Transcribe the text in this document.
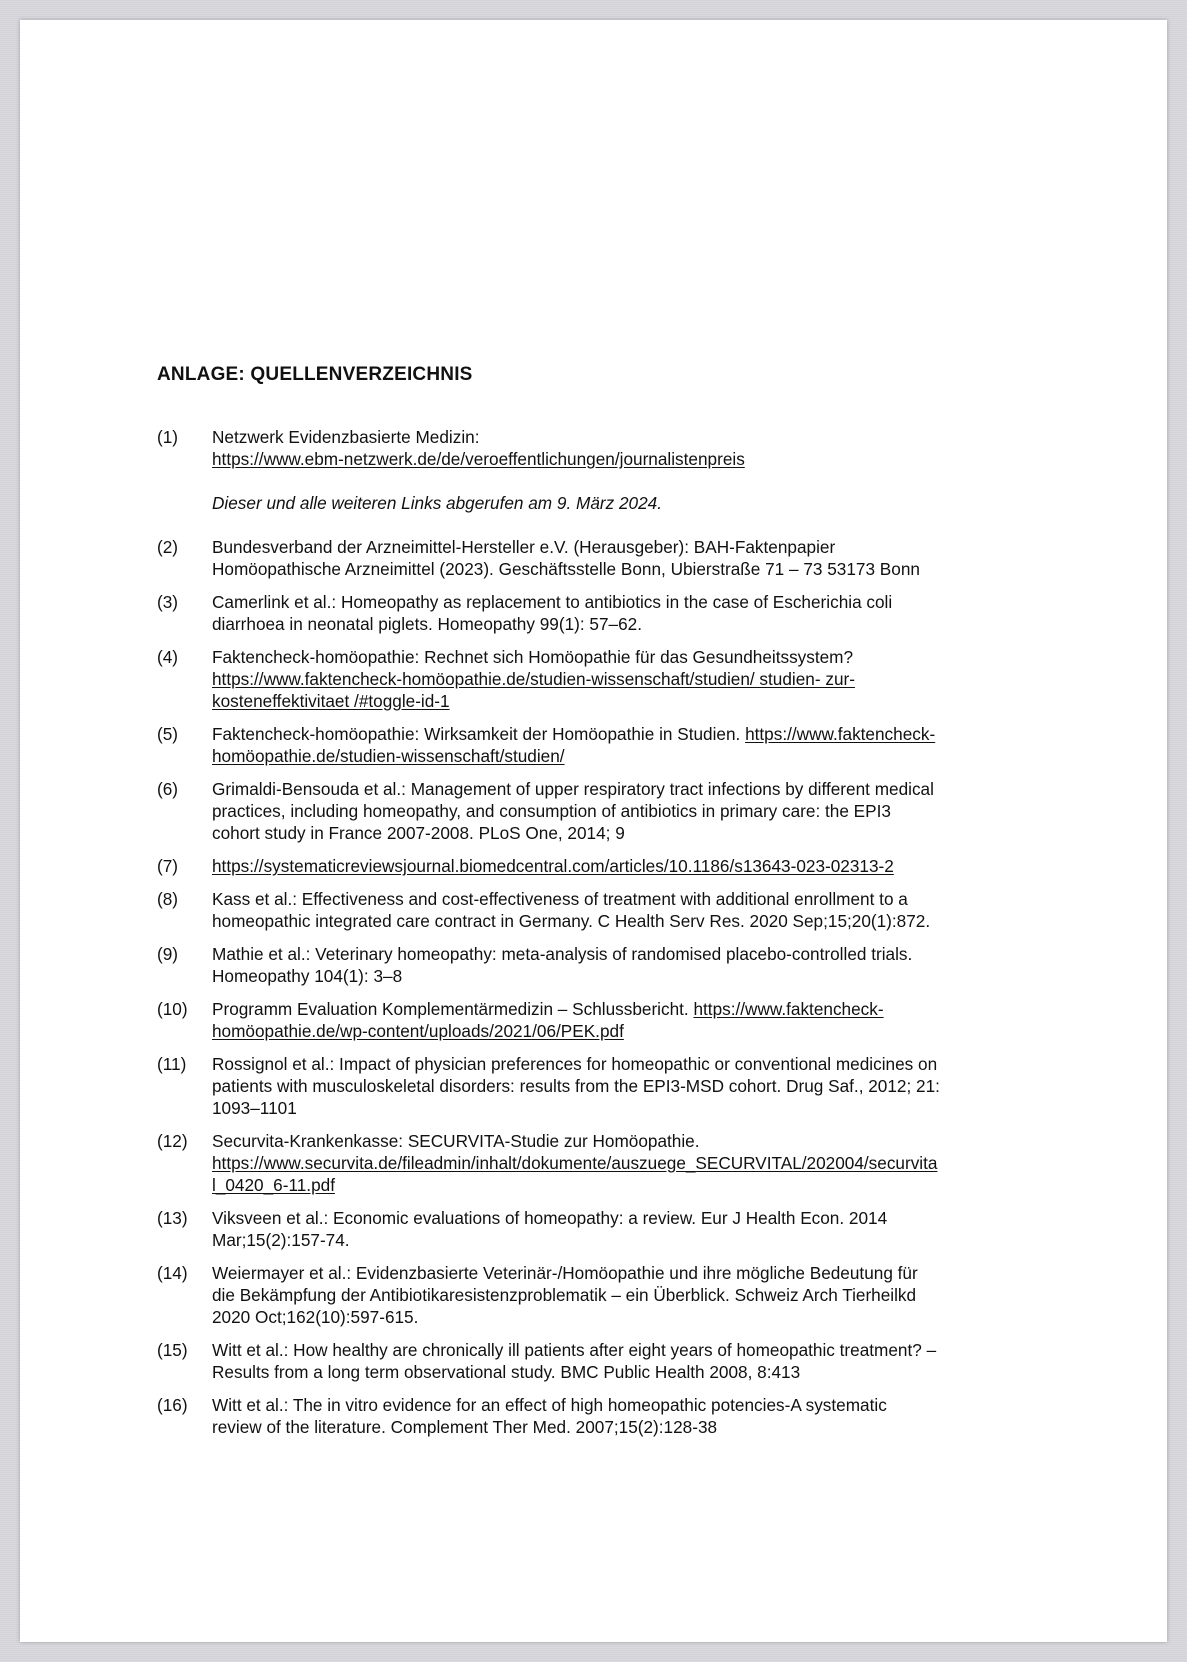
ANLAGE: QUELLENVERZEICHNIS
(1)	Netzwerk Evidenzbasierte Medizin:
https://www.ebm-netzwerk.de/de/veroeffentlichungen/journalistenpreis
Dieser und alle weiteren Links abgerufen am 9. März 2024.
(2)	Bundesverband der Arzneimittel-Hersteller e.V. (Herausgeber): BAH-Faktenpapier
Homöopathische Arzneimittel (2023). Geschäftsstelle Bonn, Ubierstraße 71 – 73 53173 Bonn
(3)	Camerlink et al.: Homeopathy as replacement to antibiotics in the case of Escherichia coli
diarrhoea in neonatal piglets. Homeopathy 99(1): 57–62.
(4)	Faktencheck-homöopathie: Rechnet sich Homöopathie für das Gesundheitssystem?
https://www.faktencheck-homöopathie.de/studien-wissenschaft/studien/ studien- zur-
kosteneffektivitaet /#toggle-id-1
(5)	Faktencheck-homöopathie: Wirksamkeit der Homöopathie in Studien. https://www.faktencheck-
homöopathie.de/studien-wissenschaft/studien/
(6)	Grimaldi-Bensouda et al.: Management of upper respiratory tract infections by different medical
practices, including homeopathy, and consumption of antibiotics in primary care: the EPI3
cohort study in France 2007-2008. PLoS One, 2014; 9
(7)	https://systematicreviewsjournal.biomedcentral.com/articles/10.1186/s13643-023-02313-2
(8)	Kass et al.: Effectiveness and cost-effectiveness of treatment with additional enrollment to a
homeopathic integrated care contract in Germany. C Health Serv Res. 2020 Sep;15;20(1):872.
(9)	Mathie et al.: Veterinary homeopathy: meta-analysis of randomised placebo-controlled trials.
Homeopathy 104(1): 3–8
(10)	Programm Evaluation Komplementärmedizin – Schlussbericht. https://www.faktencheck-
homöopathie.de/wp-content/uploads/2021/06/PEK.pdf
(11)	Rossignol et al.: Impact of physician preferences for homeopathic or conventional medicines on
patients with musculoskeletal disorders: results from the EPI3-MSD cohort. Drug Saf., 2012; 21:
1093–1101
(12)	Securvita-Krankenkasse: SECURVITA-Studie zur Homöopathie.
https://www.securvita.de/fileadmin/inhalt/dokumente/auszuege_SECURVITAL/202004/securvita
l_0420_6-11.pdf
(13)	Viksveen et al.: Economic evaluations of homeopathy: a review. Eur J Health Econ. 2014
Mar;15(2):157-74.
(14)	Weiermayer et al.: Evidenzbasierte Veterinär-/Homöopathie und ihre mögliche Bedeutung für
die Bekämpfung der Antibiotikaresistenzproblematik – ein Überblick. Schweiz Arch Tierheilkd
2020 Oct;162(10):597-615.
(15)	Witt et al.: How healthy are chronically ill patients after eight years of homeopathic treatment? –
Results from a long term observational study. BMC Public Health 2008, 8:413
(16)	Witt et al.: The in vitro evidence for an effect of high homeopathic potencies-A systematic
review of the literature. Complement Ther Med. 2007;15(2):128-38
